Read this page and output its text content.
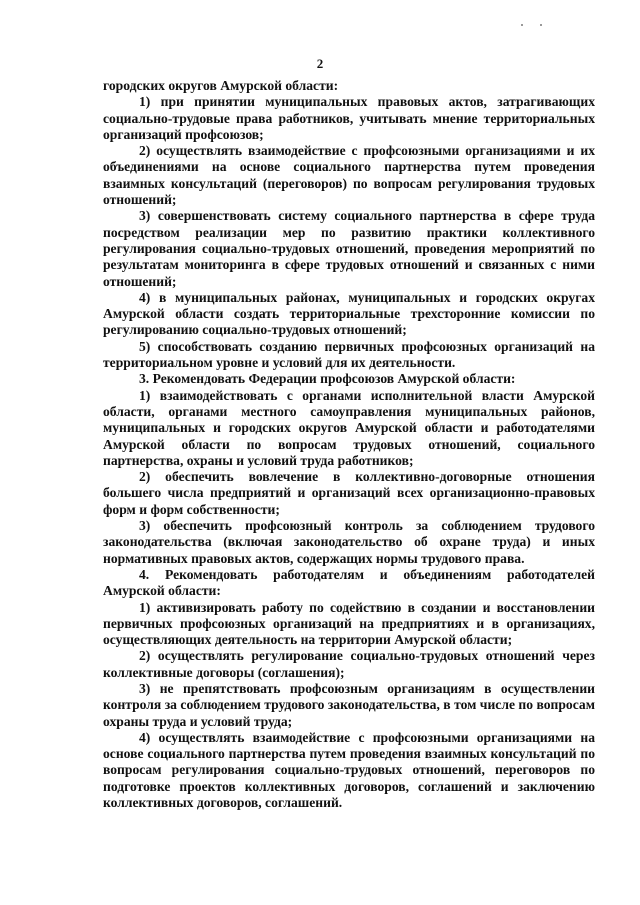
2

городских округов Амурской области:

1) при принятии муниципальных правовых актов, затрагивающих социально-трудовые права работников, учитывать мнение территориальных организаций профсоюзов;

2) осуществлять взаимодействие с профсоюзными организациями и их объединениями на основе социального партнерства путем проведения взаимных консультаций (переговоров) по вопросам регулирования трудовых отношений;

3) совершенствовать систему социального партнерства в сфере труда посредством реализации мер по развитию практики коллективного регулирования социально-трудовых отношений, проведения мероприятий по результатам мониторинга в сфере трудовых отношений и связанных с ними отношений;

4) в муниципальных районах, муниципальных и городских округах Амурской области создать территориальные трехсторонние комиссии по регулированию социально-трудовых отношений;

5) способствовать созданию первичных профсоюзных организаций на территориальном уровне и условий для их деятельности.

3. Рекомендовать Федерации профсоюзов Амурской области:

1) взаимодействовать с органами исполнительной власти Амурской области, органами местного самоуправления муниципальных районов, муниципальных и городских округов Амурской области и работодателями Амурской области по вопросам трудовых отношений, социального партнерства, охраны и условий труда работников;

2) обеспечить вовлечение в коллективно-договорные отношения большего числа предприятий и организаций всех организационно-правовых форм и форм собственности;

3) обеспечить профсоюзный контроль за соблюдением трудового законодательства (включая законодательство об охране труда) и иных нормативных правовых актов, содержащих нормы трудового права.

4. Рекомендовать работодателям и объединениям работодателей Амурской области:

1) активизировать работу по содействию в создании и восстановлении первичных профсоюзных организаций на предприятиях и в организациях, осуществляющих деятельность на территории Амурской области;

2) осуществлять регулирование социально-трудовых отношений через коллективные договоры (соглашения);

3) не препятствовать профсоюзным организациям в осуществлении контроля за соблюдением трудового законодательства, в том числе по вопросам охраны труда и условий труда;

4) осуществлять взаимодействие с профсоюзными организациями на основе социального партнерства путем проведения взаимных консультаций по вопросам регулирования социально-трудовых отношений, переговоров по подготовке проектов коллективных договоров, соглашений и заключению коллективных договоров, соглашений.
